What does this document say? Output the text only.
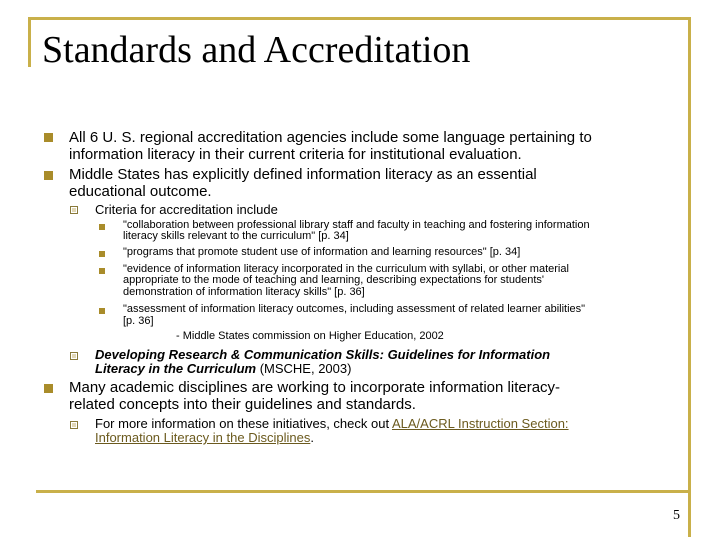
Standards and Accreditation
All 6 U. S. regional accreditation agencies include some language pertaining to
information literacy in their current criteria for institutional evaluation.
Middle States has explicitly defined information literacy as an essential
educational outcome.
Criteria for accreditation include
"collaboration between professional library staff and faculty in teaching and fostering information
literacy skills relevant to the curriculum" [p. 34]
"programs that promote student use of information and learning resources" [p. 34]
"evidence of information literacy incorporated in the curriculum with syllabi, or other material
appropriate to the mode of teaching and learning, describing expectations for students'
demonstration of information literacy skills" [p. 36]
"assessment of information literacy outcomes, including assessment of related learner abilities"
[p. 36]
- Middle States commission on Higher Education, 2002
Developing Research & Communication Skills: Guidelines for Information
Literacy in the Curriculum (MSCHE, 2003)
Many academic disciplines are working to incorporate information literacy-
related concepts into their guidelines and standards.
For more information on these initiatives, check out ALA/ACRL Instruction Section:
Information Literacy in the Disciplines.
5
